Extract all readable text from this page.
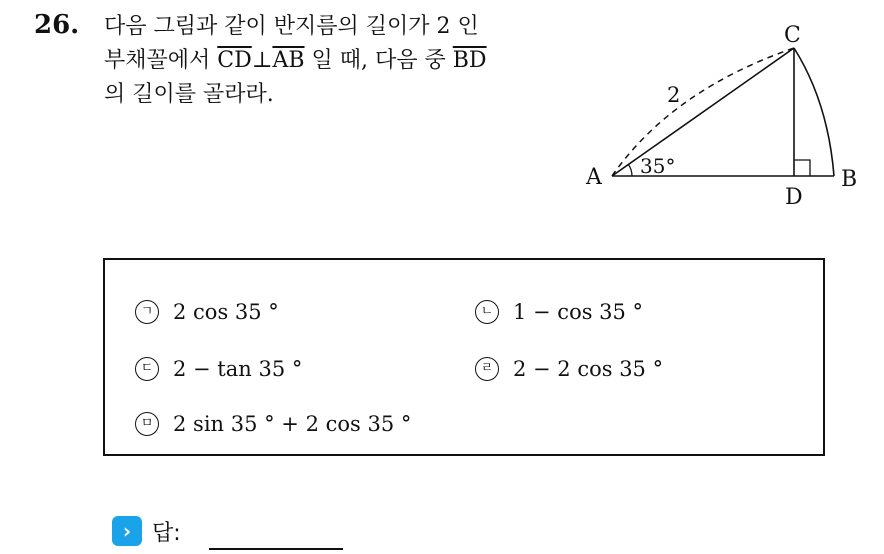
26. 다음 그림과 같이 반지름의 길이가 2 인
부채꼴에서 $\overline{CD}\perp\overline{AB}$ 일 때, 다음 중 $\overline{BD}$
의 길이를 골라라.
A	B
C
D
2
35°
ㄱ 2 cos 35 °	ㄴ 1 − cos 35 °
ㄷ 2 − tan 35 °	ㄹ 2 − 2 cos 35 °
ㅁ 2 sin 35 ° + 2 cos 35 °
› 답:
